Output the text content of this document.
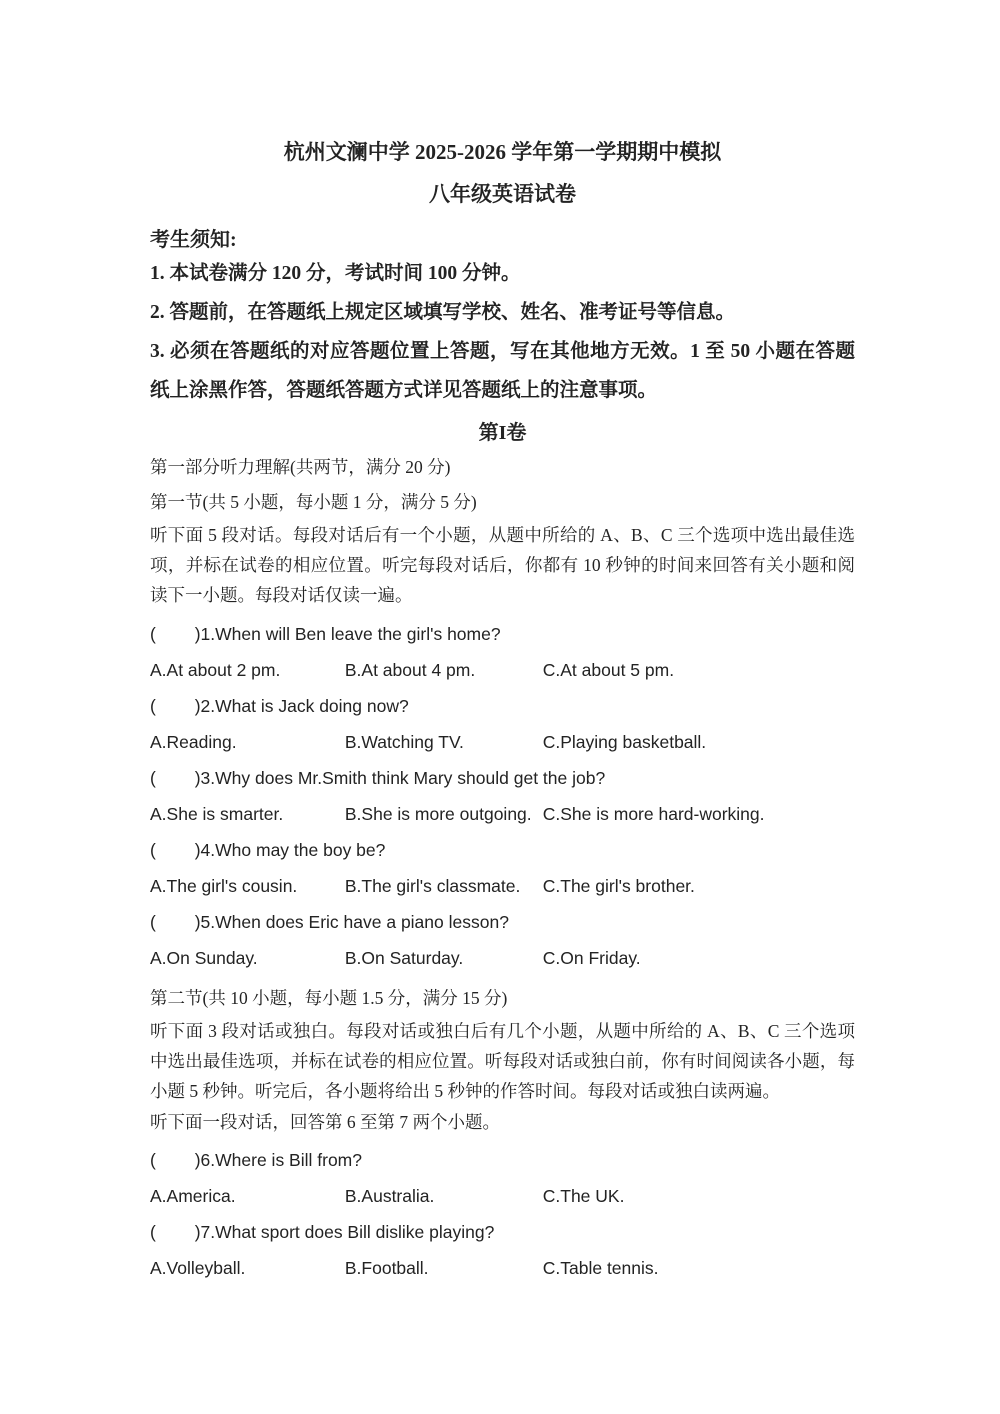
杭州文澜中学 2025-2026 学年第一学期期中模拟
八年级英语试卷
考生须知:
1. 本试卷满分 120 分，考试时间 100 分钟。
2. 答题前，在答题纸上规定区域填写学校、姓名、准考证号等信息。
3. 必须在答题纸的对应答题位置上答题，写在其他地方无效。1 至 50 小题在答题纸上涂黑作答，答题纸答题方式详见答题纸上的注意事项。
第I卷
第一部分听力理解(共两节，满分 20 分)
第一节(共 5 小题，每小题 1 分，满分 5 分)
听下面 5 段对话。每段对话后有一个小题，从题中所给的 A、B、C 三个选项中选出最佳选项，并标在试卷的相应位置。听完每段对话后，你都有 10 秒钟的时间来回答有关小题和阅读下一小题。每段对话仅读一遍。
(        )1.When will Ben leave the girl's home?
A.At about 2 pm.	B.At about 4 pm.	C.At about 5 pm.
(        )2.What is Jack doing now?
A.Reading.	B.Watching TV.	C.Playing basketball.
(        )3.Why does Mr.Smith think Mary should get the job?
A.She is smarter.	B.She is more outgoing. C.She is more hard-working.
(        )4.Who may the boy be?
A.The girl's cousin.	B.The girl's classmate. C.The girl's brother.
(        )5.When does Eric have a piano lesson?
A.On Sunday.	B.On Saturday.	C.On Friday.
第二节(共 10 小题，每小题 1.5 分，满分 15 分)
听下面 3 段对话或独白。每段对话或独白后有几个小题，从题中所给的 A、B、C 三个选项中选出最佳选项，并标在试卷的相应位置。听每段对话或独白前，你有时间阅读各小题，每小题 5 秒钟。听完后，各小题将给出 5 秒钟的作答时间。每段对话或独白读两遍。
听下面一段对话，回答第 6 至第 7 两个小题。
(        )6.Where is Bill from?
A.America.	B.Australia.	C.The UK.
(        )7.What sport does Bill dislike playing?
A.Volleyball.	B.Football.	C.Table tennis.
